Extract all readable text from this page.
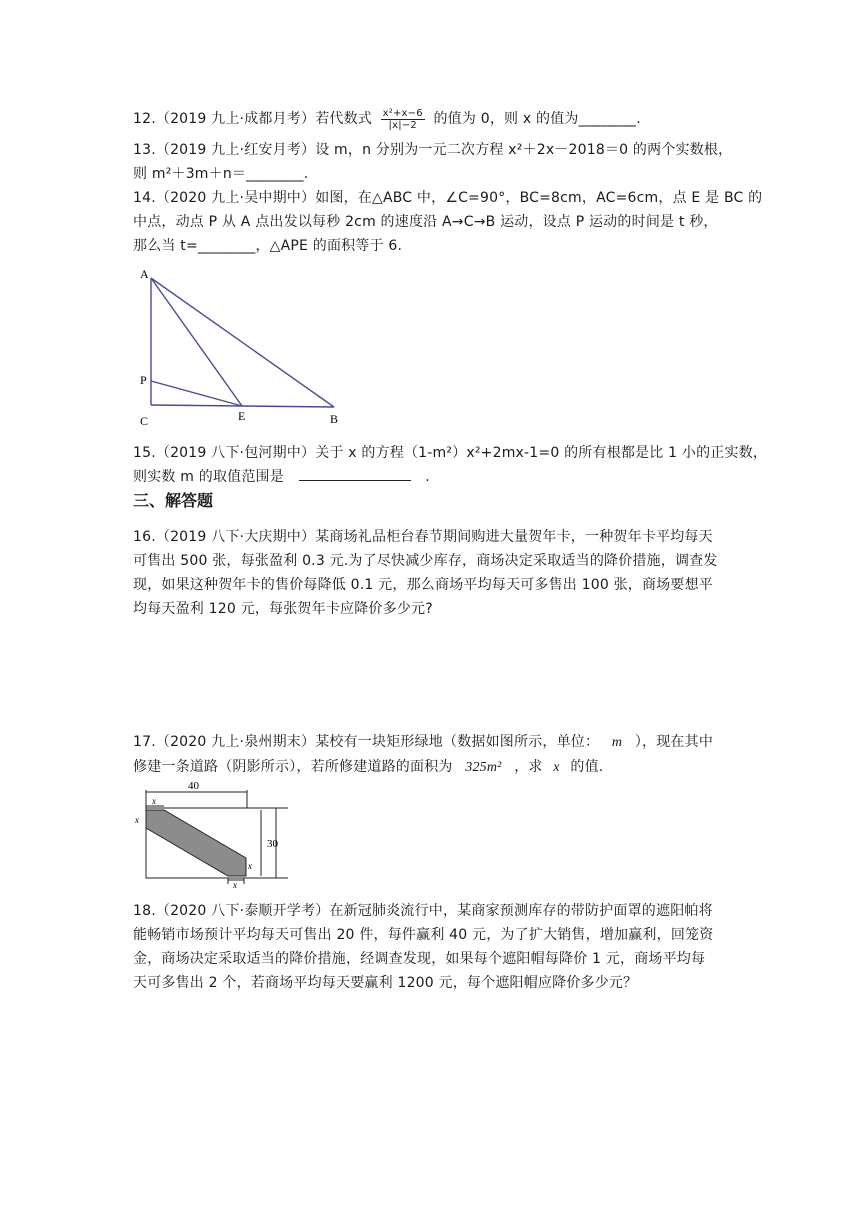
12.（2019 九上·成都月考）若代数式 $\frac{\text{x²+x−6}}{|x|-2}$ 的值为 0，则 x 的值为________.
13.（2019 九上·红安月考）设 m，n 分别为一元二次方程 x²＋2x－2018＝0 的两个实数根，
则 m²＋3m＋n＝________.
14.（2020 九上·吴中期中）如图，在△ABC 中，∠C=90°，BC=8cm，AC=6cm，点 E 是 BC 的
中点，动点 P 从 A 点出发以每秒 2cm 的速度沿 A→C→B 运动，设点 P 运动的时间是 t 秒，
那么当 t=________，△APE 的面积等于 6.
A
P
C	E	B
15.（2019 八下·包河期中）关于 x 的方程（1-m²）x²+2mx-1=0 的所有根都是比 1 小的正实数，
则实数 m 的取值范围是	.
三、解答题
16.（2019 八下·大庆期中）某商场礼品柜台春节期间购进大量贺年卡，一种贺年卡平均每天
可售出 500 张，每张盈利 0.3 元.为了尽快减少库存，商场决定采取适当的降价措施，调查发
现，如果这种贺年卡的售价每降低 0.1 元，那么商场平均每天可多售出 100 张，商场要想平
均每天盈利 120 元，每张贺年卡应降价多少元?
17.（2020 九上·泉州期末）某校有一块矩形绿地（数据如图所示，单位： m ），现在其中
修建一条道路（阴影所示），若所修建道路的面积为 325m² ，求 x 的值.
40
30
x
x
x
x
18.（2020 八下·泰顺开学考）在新冠肺炎流行中，某商家预测库存的带防护面罩的遮阳帕将
能畅销市场预计平均每天可售出 20 件，每件赢利 40 元，为了扩大销售，增加赢利，回笼资
金，商场决定采取适当的降价措施，经调查发现，如果每个遮阳帽每降价 1 元，商场平均每
天可多售出 2 个，若商场平均每天要赢利 1200 元，每个遮阳帽应降价多少元？
